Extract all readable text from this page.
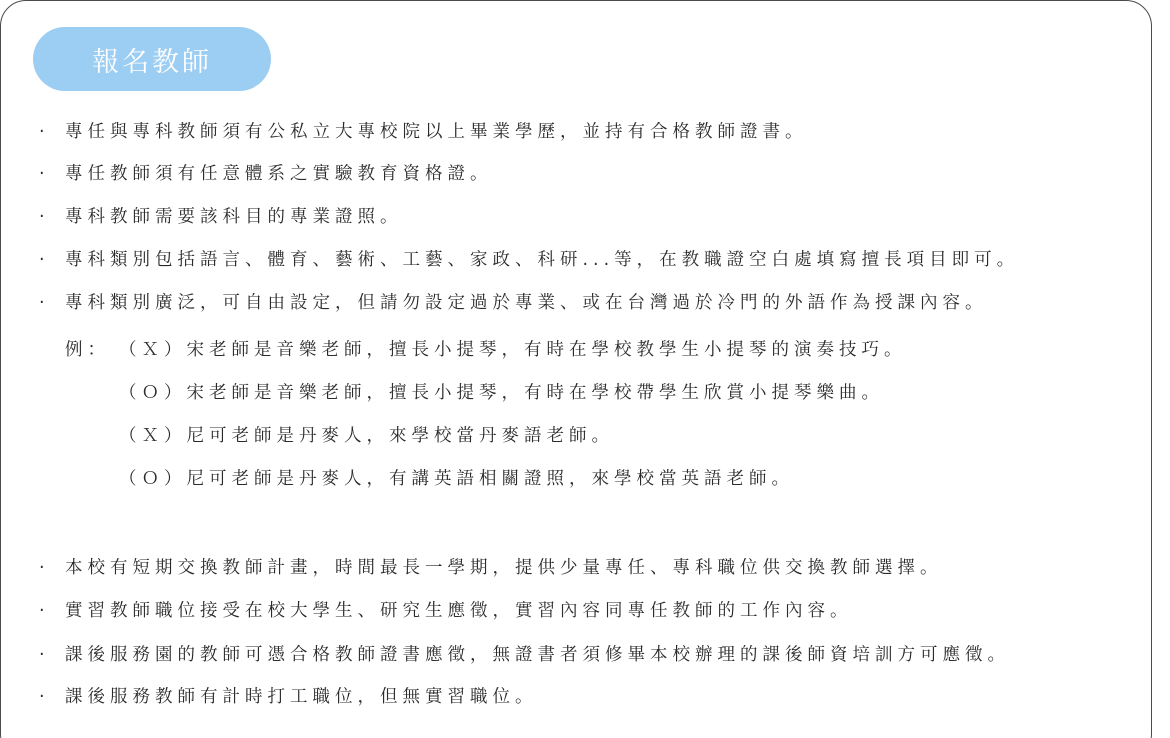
報名教師
· 專任與專科教師須有公私立大專校院以上畢業學歷，並持有合格教師證書。
· 專任教師須有任意體系之實驗教育資格證。
· 專科教師需要該科目的專業證照。
· 專科類別包括語言、體育、藝術、工藝、家政、科研...等，在教職證空白處填寫擅長項目即可。
· 專科類別廣泛，可自由設定，但請勿設定過於專業、或在台灣過於冷門的外語作為授課內容。
例： （Ｘ）宋老師是音樂老師，擅長小提琴，有時在學校教學生小提琴的演奏技巧。
（Ｏ）宋老師是音樂老師，擅長小提琴，有時在學校帶學生欣賞小提琴樂曲。
（Ｘ）尼可老師是丹麥人，來學校當丹麥語老師。
（Ｏ）尼可老師是丹麥人，有講英語相關證照，來學校當英語老師。
· 本校有短期交換教師計畫，時間最長一學期，提供少量專任、專科職位供交換教師選擇。
· 實習教師職位接受在校大學生、研究生應徵，實習內容同專任教師的工作內容。
· 課後服務園的教師可憑合格教師證書應徵，無證書者須修畢本校辦理的課後師資培訓方可應徵。
· 課後服務教師有計時打工職位，但無實習職位。
